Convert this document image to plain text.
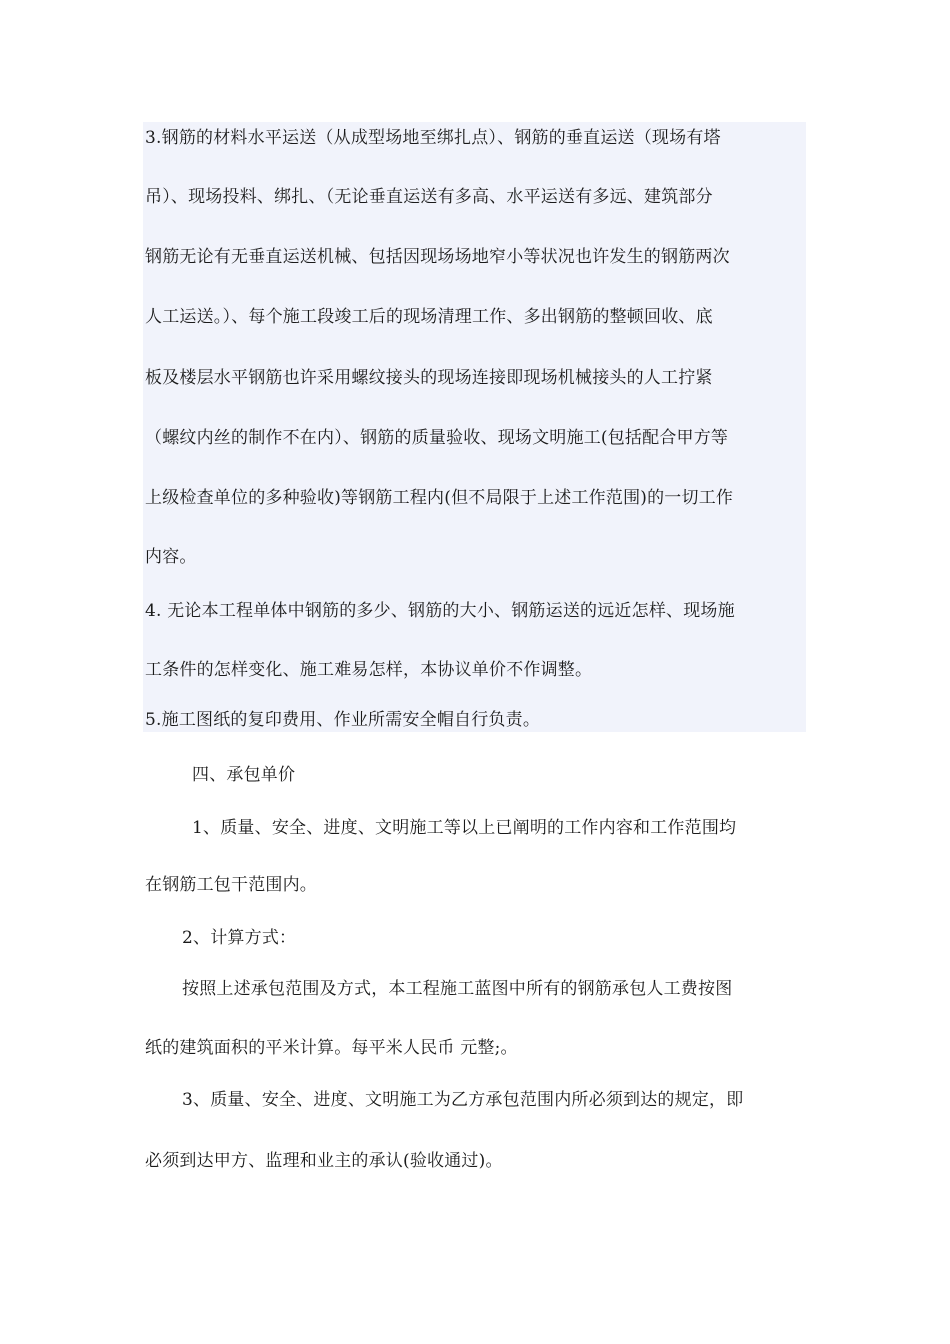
3.钢筋的材料水平运送（从成型场地至绑扎点）、钢筋的垂直运送（现场有塔
吊）、现场投料、绑扎、（无论垂直运送有多高、水平运送有多远、建筑部分
钢筋无论有无垂直运送机械、包括因现场场地窄小等状况也许发生的钢筋两次
人工运送。）、每个施工段竣工后的现场清理工作、多出钢筋的整顿回收、底
板及楼层水平钢筋也许采用螺纹接头的现场连接即现场机械接头的人工拧紧
（螺纹内丝的制作不在内）、钢筋的质量验收、现场文明施工(包括配合甲方等
上级检查单位的多种验收)等钢筋工程内(但不局限于上述工作范围)的一切工作
内容。
4. 无论本工程单体中钢筋的多少、钢筋的大小、钢筋运送的远近怎样、现场施
工条件的怎样变化、施工难易怎样，本协议单价不作调整。
5.施工图纸的复印费用、作业所需安全帽自行负责。
四、承包单价
1、质量、安全、进度、文明施工等以上已阐明的工作内容和工作范围均
在钢筋工包干范围内。
2、计算方式：
按照上述承包范围及方式，本工程施工蓝图中所有的钢筋承包人工费按图
纸的建筑面积的平米计算。每平米人民币 元整;。
3、质量、安全、进度、文明施工为乙方承包范围内所必须到达的规定，即
必须到达甲方、监理和业主的承认(验收通过)。
